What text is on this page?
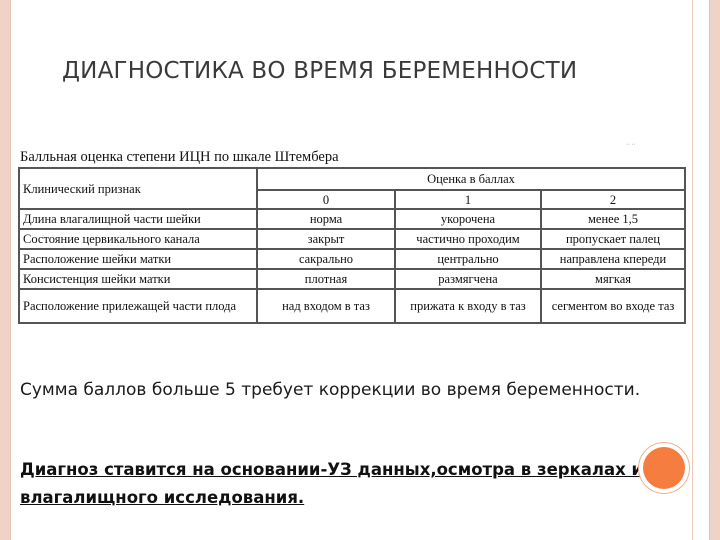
ДИАГНОСТИКА ВО ВРЕМЯ БЕРЕМЕННОСТИ
Балльная оценка степени ИЦН по шкале Штембера
·· ··
Клинический признак	Оценка в баллах		
	0	1	2
Длина влагалищной части шейки	норма	укорочена	менее 1,5
Состояние цервикального канала	закрыт	частично проходим	пропускает палец
Расположение шейки матки	сакрально	центрально	направлена кпереди
Консистенция шейки матки	плотная	размягчена	мягкая
Расположение прилежащей части плода	над входом в таз	прижата к входу в таз	сегментом во входе таз
Сумма баллов больше 5 требует коррекции во время беременности.
Диагноз ставится на основании-УЗ данных,осмотра в зеркалах и влагалищного исследования.
